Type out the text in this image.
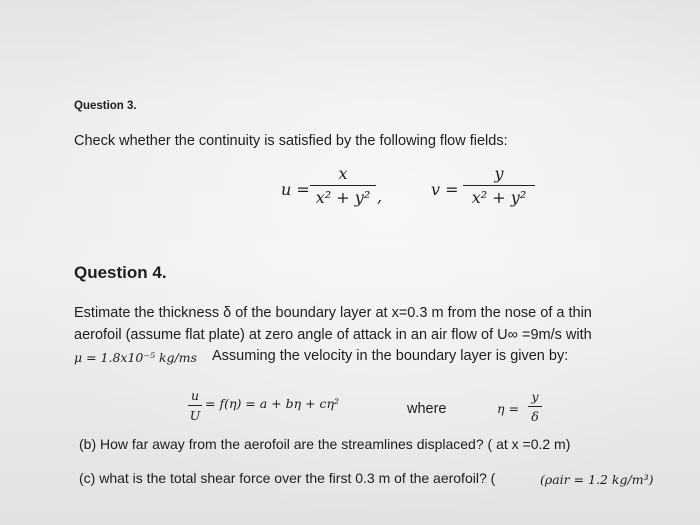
Question 3.
Check whether the continuity is satisfied by the following flow fields:
$u = \frac{x}{\text{x² + y²}}$ ,	$v = \frac{y}{\text{x² + y²}}$
Question 4.
Estimate the thickness δ of the boundary layer at x=0.3 m from the nose of a thin
aerofoil (assume flat plate) at zero angle of attack in an air flow of U∞ =9m/s with
μ = 1.8x10⁻⁵ kg/ms Assuming the velocity in the boundary layer is given by:
$\frac{u}{U} = f(\eta) = a + b\eta + c\eta^2$	where	$\eta = \frac{y}{\delta}$
(b) How far away from the aerofoil are the streamlines displaced? ( at x =0.2 m)
(c) what is the total shear force over the first 0.3 m of the aerofoil? (	(ρair = 1.2 kg/m³)
